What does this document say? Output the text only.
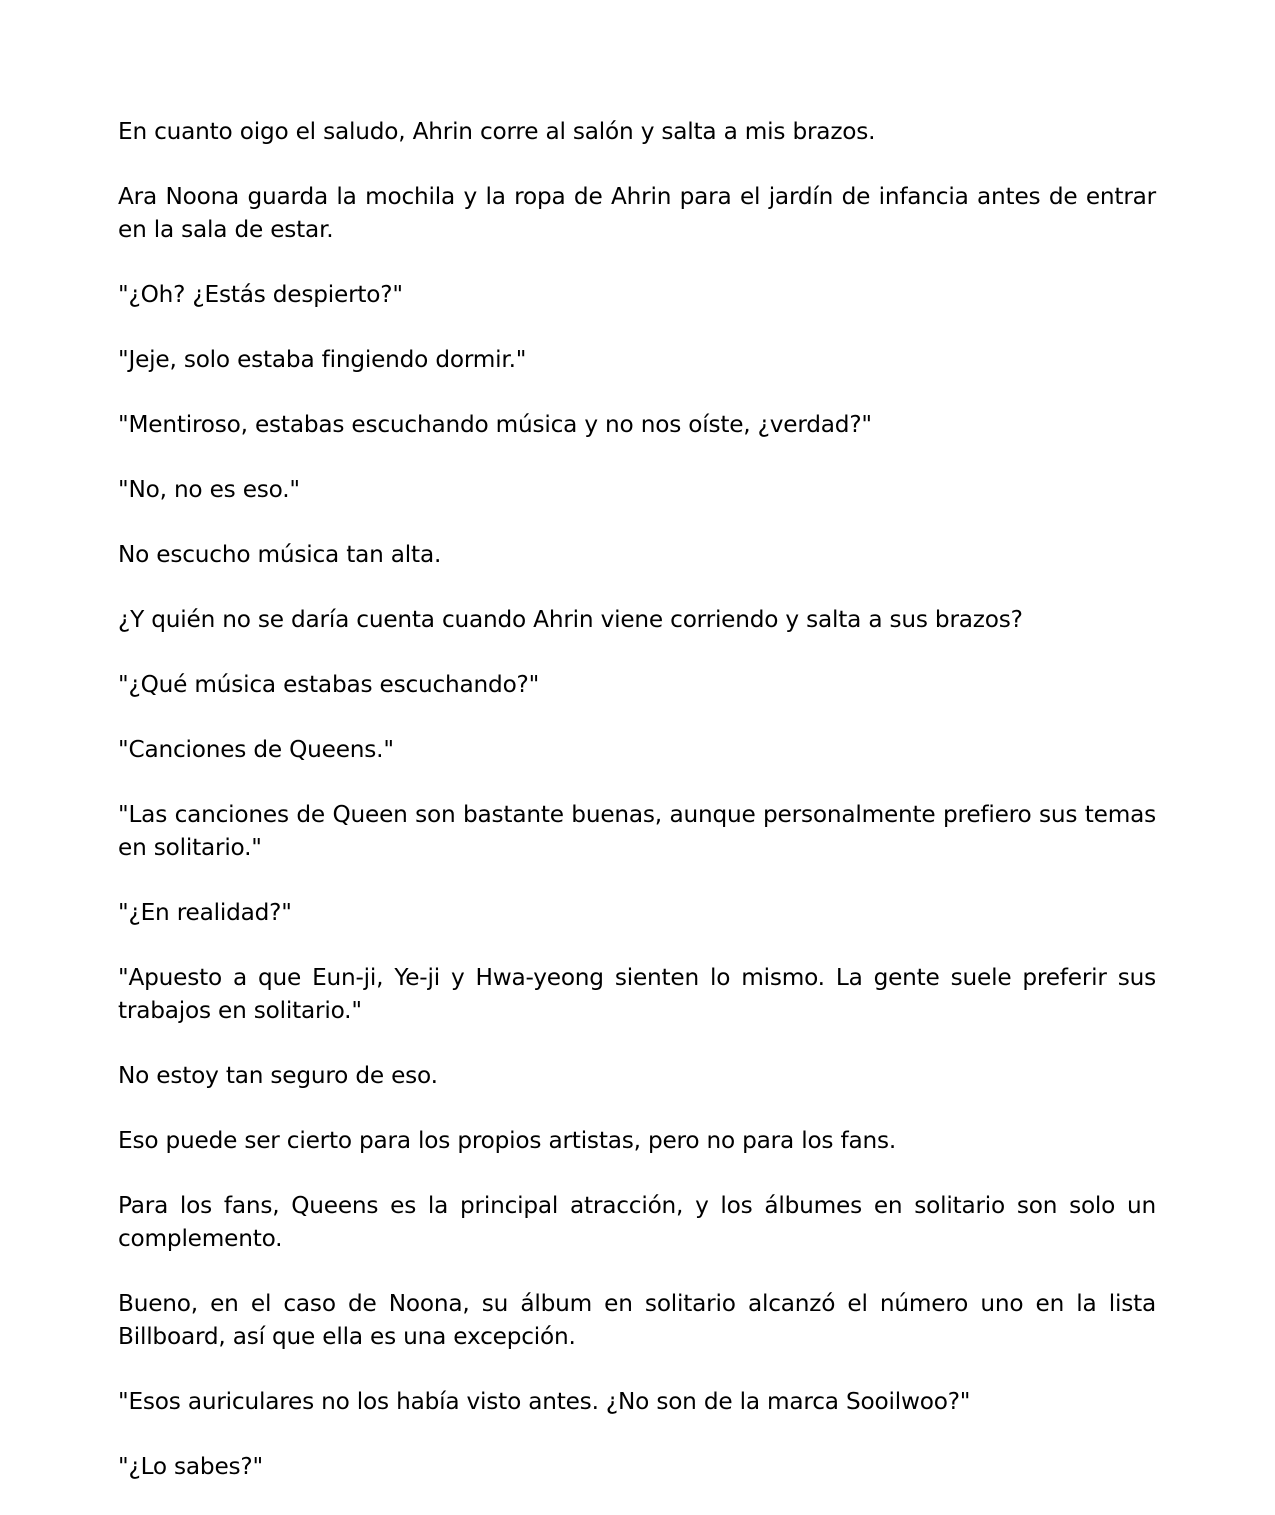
En cuanto oigo el saludo, Ahrin corre al salón y salta a mis brazos.

Ara Noona guarda la mochila y la ropa de Ahrin para el jardín de infancia antes de entrar en la sala de estar.

"¿Oh? ¿Estás despierto?"

"Jeje, solo estaba fingiendo dormir."

"Mentiroso, estabas escuchando música y no nos oíste, ¿verdad?"

"No, no es eso."

No escucho música tan alta.

¿Y quién no se daría cuenta cuando Ahrin viene corriendo y salta a sus brazos?

"¿Qué música estabas escuchando?"

"Canciones de Queens."

"Las canciones de Queen son bastante buenas, aunque personalmente prefiero sus temas en solitario."

"¿En realidad?"

"Apuesto a que Eun-ji, Ye-ji y Hwa-yeong sienten lo mismo. La gente suele preferir sus trabajos en solitario."

No estoy tan seguro de eso.

Eso puede ser cierto para los propios artistas, pero no para los fans.

Para los fans, Queens es la principal atracción, y los álbumes en solitario son solo un complemento.

Bueno, en el caso de Noona, su álbum en solitario alcanzó el número uno en la lista Billboard, así que ella es una excepción.

"Esos auriculares no los había visto antes. ¿No son de la marca Sooilwoo?"

"¿Lo sabes?"
